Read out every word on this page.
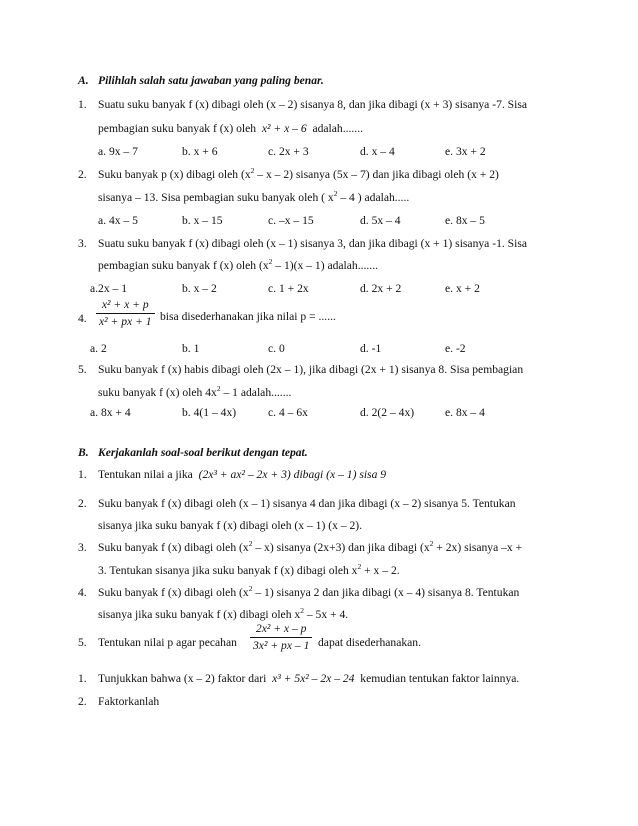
A. Pilihlah salah satu jawaban yang paling benar.
1. Suatu suku banyak f (x) dibagi oleh (x – 2) sisanya 8, dan jika dibagi (x + 3) sisanya -7. Sisa
pembagian suku banyak f (x) oleh x² + x – 6 adalah.......
a. 9x – 7	b. x + 6	c. 2x + 3	d. x – 4	e. 3x + 2
2. Suku banyak p (x) dibagi oleh ($x^2$ – x – 2) sisanya (5x – 7) dan jika dibagi oleh (x + 2)
sisanya – 13. Sisa pembagian suku banyak oleh ( $x^2 - 4$ ) adalah.....
a. 4x – 5	b. x – 15	c. –x – 15	d. 5x – 4	e. 8x – 5
3. Suatu suku banyak f (x) dibagi oleh (x – 1) sisanya 3, dan jika dibagi (x + 1) sisanya -1. Sisa
pembagian suku banyak f (x) oleh $(x^2 - 1)(x - 1)$ adalah.......
a.2x – 1	b. x – 2	c. 1 + 2x	d. 2x + 2	e. x + 2
4. $\frac{\text{x² + x + p}}{\text{x² + px + 1}}$ bisa disederhanakan jika nilai p = ......
a. 2	b. 1	c. 0	d. -1	e. -2
5. Suku banyak f (x) habis dibagi oleh (2x – 1), jika dibagi (2x + 1) sisanya 8. Sisa pembagian
suku banyak f (x) oleh $4x^2 - 1$ adalah.......
a. 8x + 4	b. 4(1 – 4x)	c. 4 – 6x	d. 2(2 – 4x)	e. 8x – 4
B. Kerjakanlah soal-soal berikut dengan tepat.
1. Tentukan nilai a jika (2x³ + ax² – 2x + 3) dibagi (x – 1) sisa 9
2. Suku banyak f (x) dibagi oleh (x – 1) sisanya 4 dan jika dibagi (x – 2) sisanya 5. Tentukan
sisanya jika suku banyak f (x) dibagi oleh (x – 1) (x – 2).
3. Suku banyak f (x) dibagi oleh $(x^2 - x)$ sisanya (2x+3) dan jika dibagi $(x^2 + 2x)$ sisanya –x +
3. Tentukan sisanya jika suku banyak f (x) dibagi oleh $x^2 + x - 2$.
4. Suku banyak f (x) dibagi oleh $(x^2 - 1)$ sisanya 2 dan jika dibagi (x – 4) sisanya 8. Tentukan
sisanya jika suku banyak f (x) dibagi oleh $x^2 - 5x + 4$.
5. Tentukan nilai p agar pecahan $\frac{\text{2x² + x – p}}{\text{3x² + px – 1}}$ dapat disederhanakan.
1. Tunjukkan bahwa (x – 2) faktor dari x³ + 5x² – 2x – 24 kemudian tentukan faktor lainnya.
2. Faktorkanlah
